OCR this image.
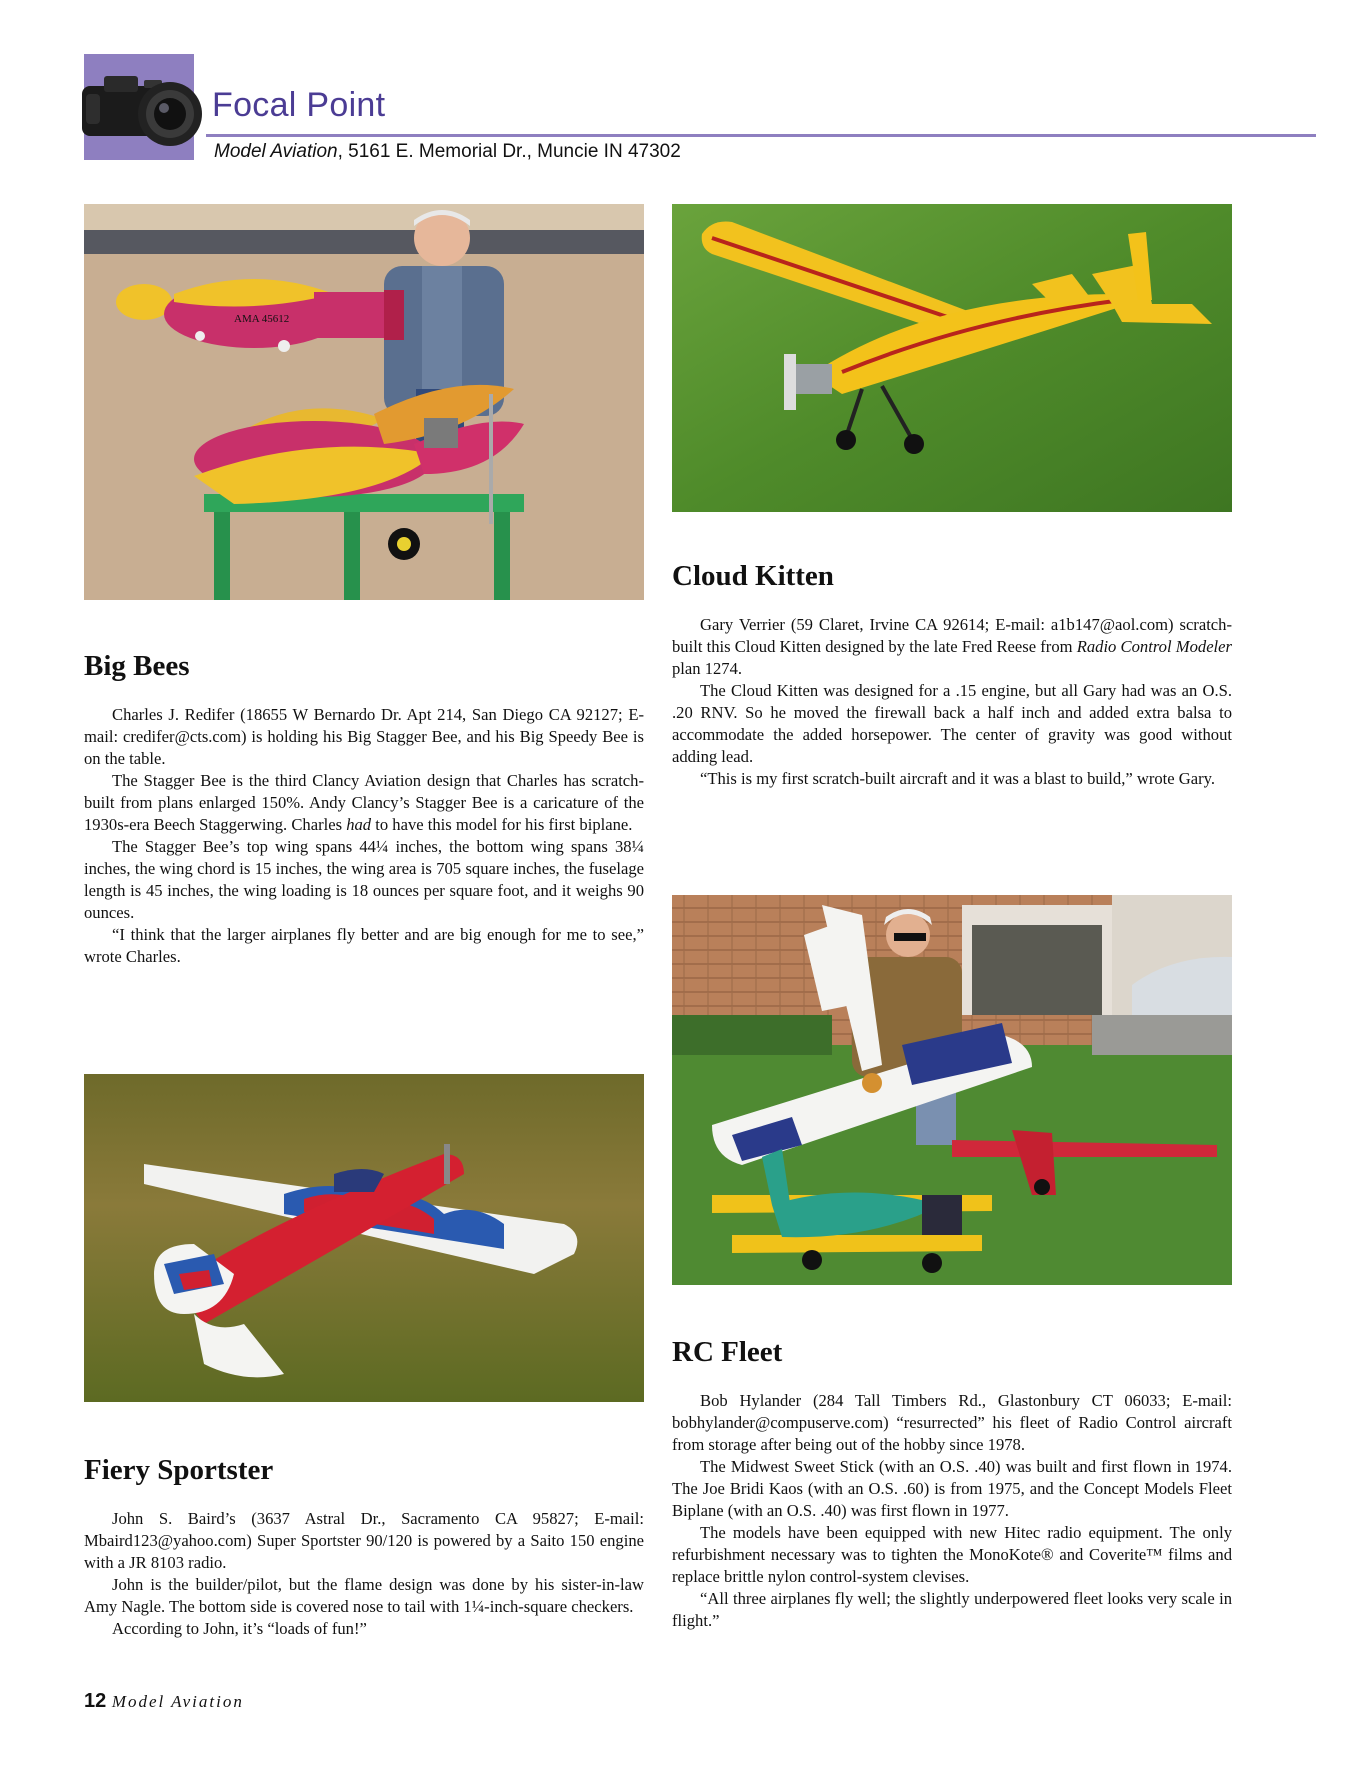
Focal Point
Model Aviation, 5161 E. Memorial Dr., Muncie IN 47302
AMA 45612
Cloud Kitten

Gary Verrier (59 Claret, Irvine CA 92614; E-mail: a1b147@aol.com) scratch-built this Cloud Kitten designed by the late Fred Reese from Radio Control Modeler plan 1274.

The Cloud Kitten was designed for a .15 engine, but all Gary had was an O.S. .20 RNV. So he moved the firewall back a half inch and added extra balsa to accommodate the added horsepower. The center of gravity was good without adding lead.

“This is my first scratch-built aircraft and it was a blast to build,” wrote Gary.

Big Bees

Charles J. Redifer (18655 W Bernardo Dr. Apt 214, San Diego CA 92127; E-mail: credifer@cts.com) is holding his Big Stagger Bee, and his Big Speedy Bee is on the table.

The Stagger Bee is the third Clancy Aviation design that Charles has scratch-built from plans enlarged 150%. Andy Clancy’s Stagger Bee is a caricature of the 1930s-era Beech Staggerwing. Charles had to have this model for his first biplane.

The Stagger Bee’s top wing spans 44¼ inches, the bottom wing spans 38¼ inches, the wing chord is 15 inches, the wing area is 705 square inches, the fuselage length is 45 inches, the wing loading is 18 ounces per square foot, and it weighs 90 ounces.

“I think that the larger airplanes fly better and are big enough for me to see,” wrote Charles.

RC Fleet

Bob Hylander (284 Tall Timbers Rd., Glastonbury CT 06033; E-mail: bobhylander@compuserve.com) “resurrected” his fleet of Radio Control aircraft from storage after being out of the hobby since 1978.

The Midwest Sweet Stick (with an O.S. .40) was built and first flown in 1974. The Joe Bridi Kaos (with an O.S. .60) is from 1975, and the Concept Models Fleet Biplane (with an O.S. .40) was first flown in 1977.

The models have been equipped with new Hitec radio equipment. The only refurbishment necessary was to tighten the MonoKote® and Coverite™ films and replace brittle nylon control-system clevises.

“All three airplanes fly well; the slightly underpowered fleet looks very scale in flight.”

Fiery Sportster

John S. Baird’s (3637 Astral Dr., Sacramento CA 95827; E-mail: Mbaird123@yahoo.com) Super Sportster 90/120 is powered by a Saito 150 engine with a JR 8103 radio.

John is the builder/pilot, but the flame design was done by his sister-in-law Amy Nagle. The bottom side is covered nose to tail with 1¼-inch-square checkers.

According to John, it’s “loads of fun!”

12 Model Aviation
